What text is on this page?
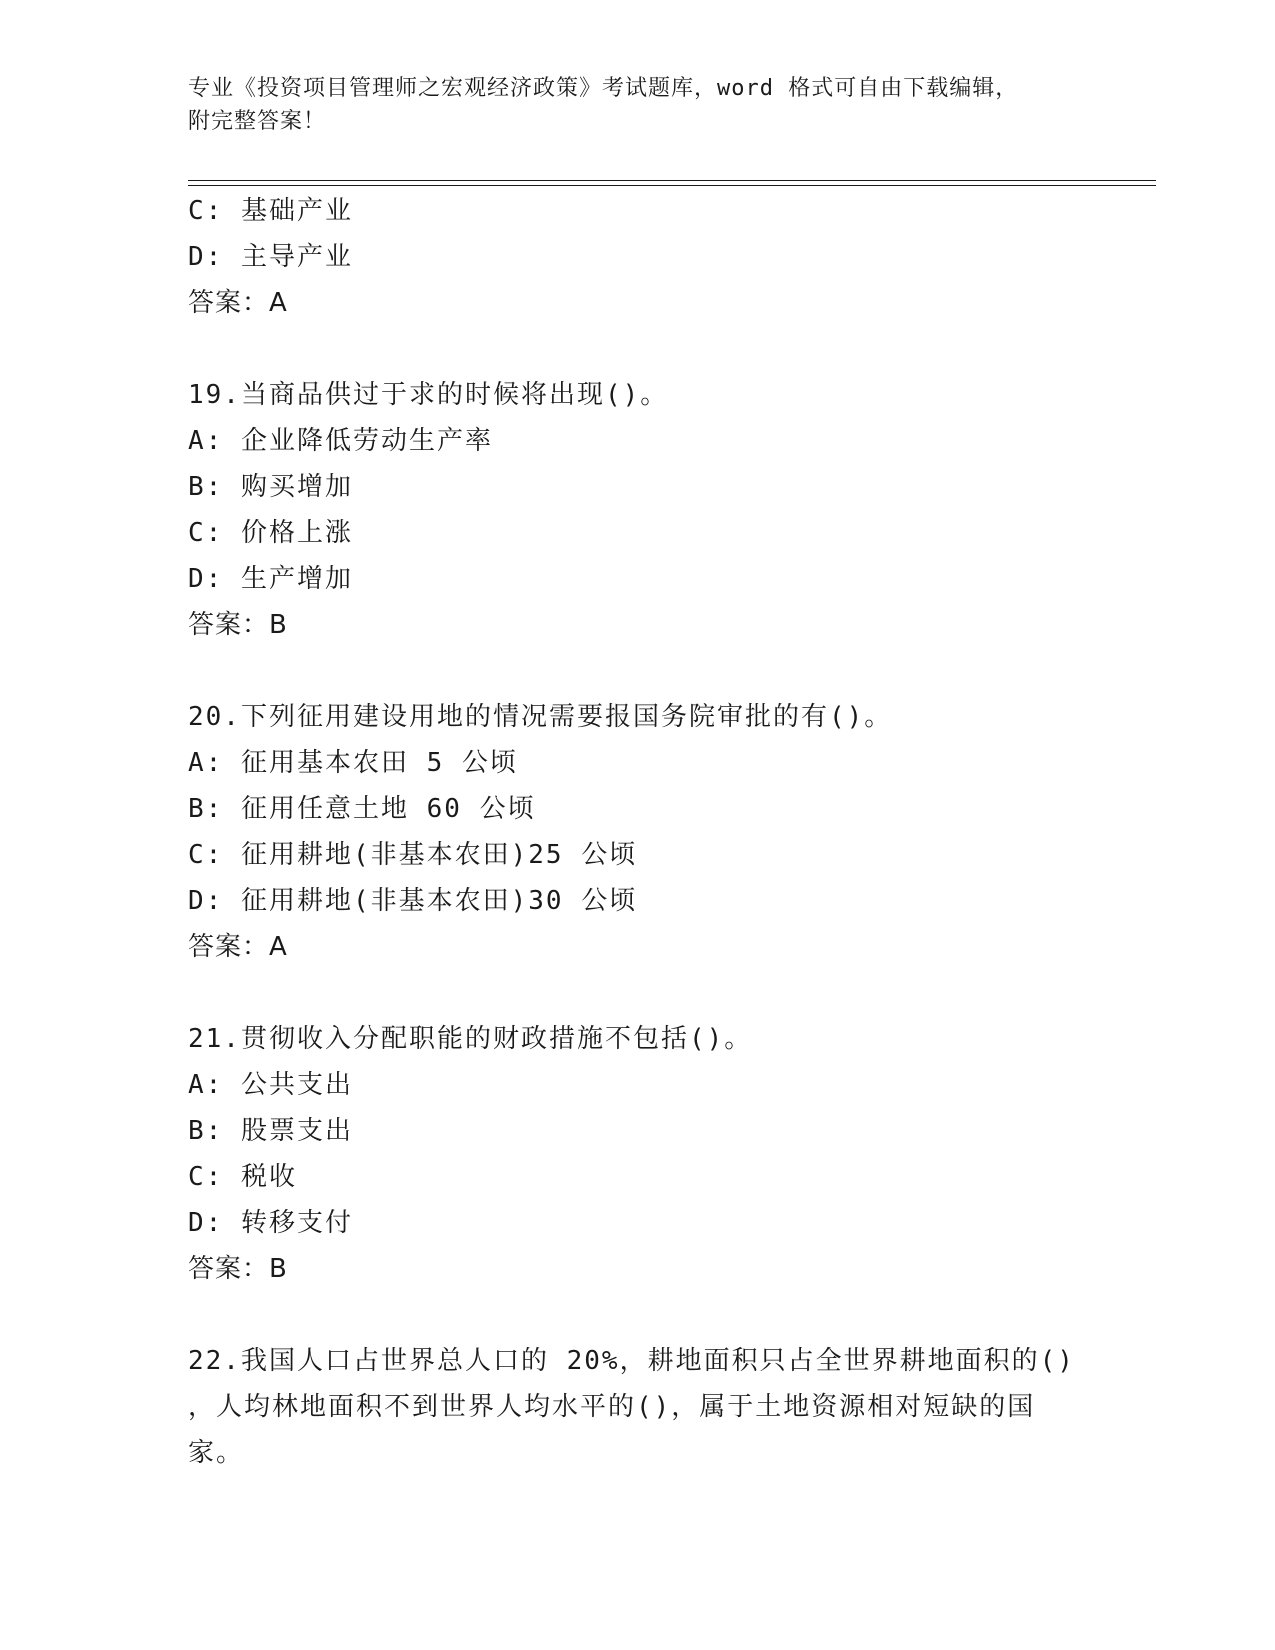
专业《投资项目管理师之宏观经济政策》考试题库，word 格式可自由下载编辑，
附完整答案！
C: 基础产业
D: 主导产业
答案：A
19.当商品供过于求的时候将出现()。
A: 企业降低劳动生产率
B: 购买增加
C: 价格上涨
D: 生产增加
答案：B
20.下列征用建设用地的情况需要报国务院审批的有()。
A: 征用基本农田 5 公顷
B: 征用任意土地 60 公顷
C: 征用耕地(非基本农田)25 公顷
D: 征用耕地(非基本农田)30 公顷
答案：A
21.贯彻收入分配职能的财政措施不包括()。
A: 公共支出
B: 股票支出
C: 税收
D: 转移支付
答案：B
22.我国人口占世界总人口的 20%，耕地面积只占全世界耕地面积的()
，人均林地面积不到世界人均水平的()，属于土地资源相对短缺的国
家。
